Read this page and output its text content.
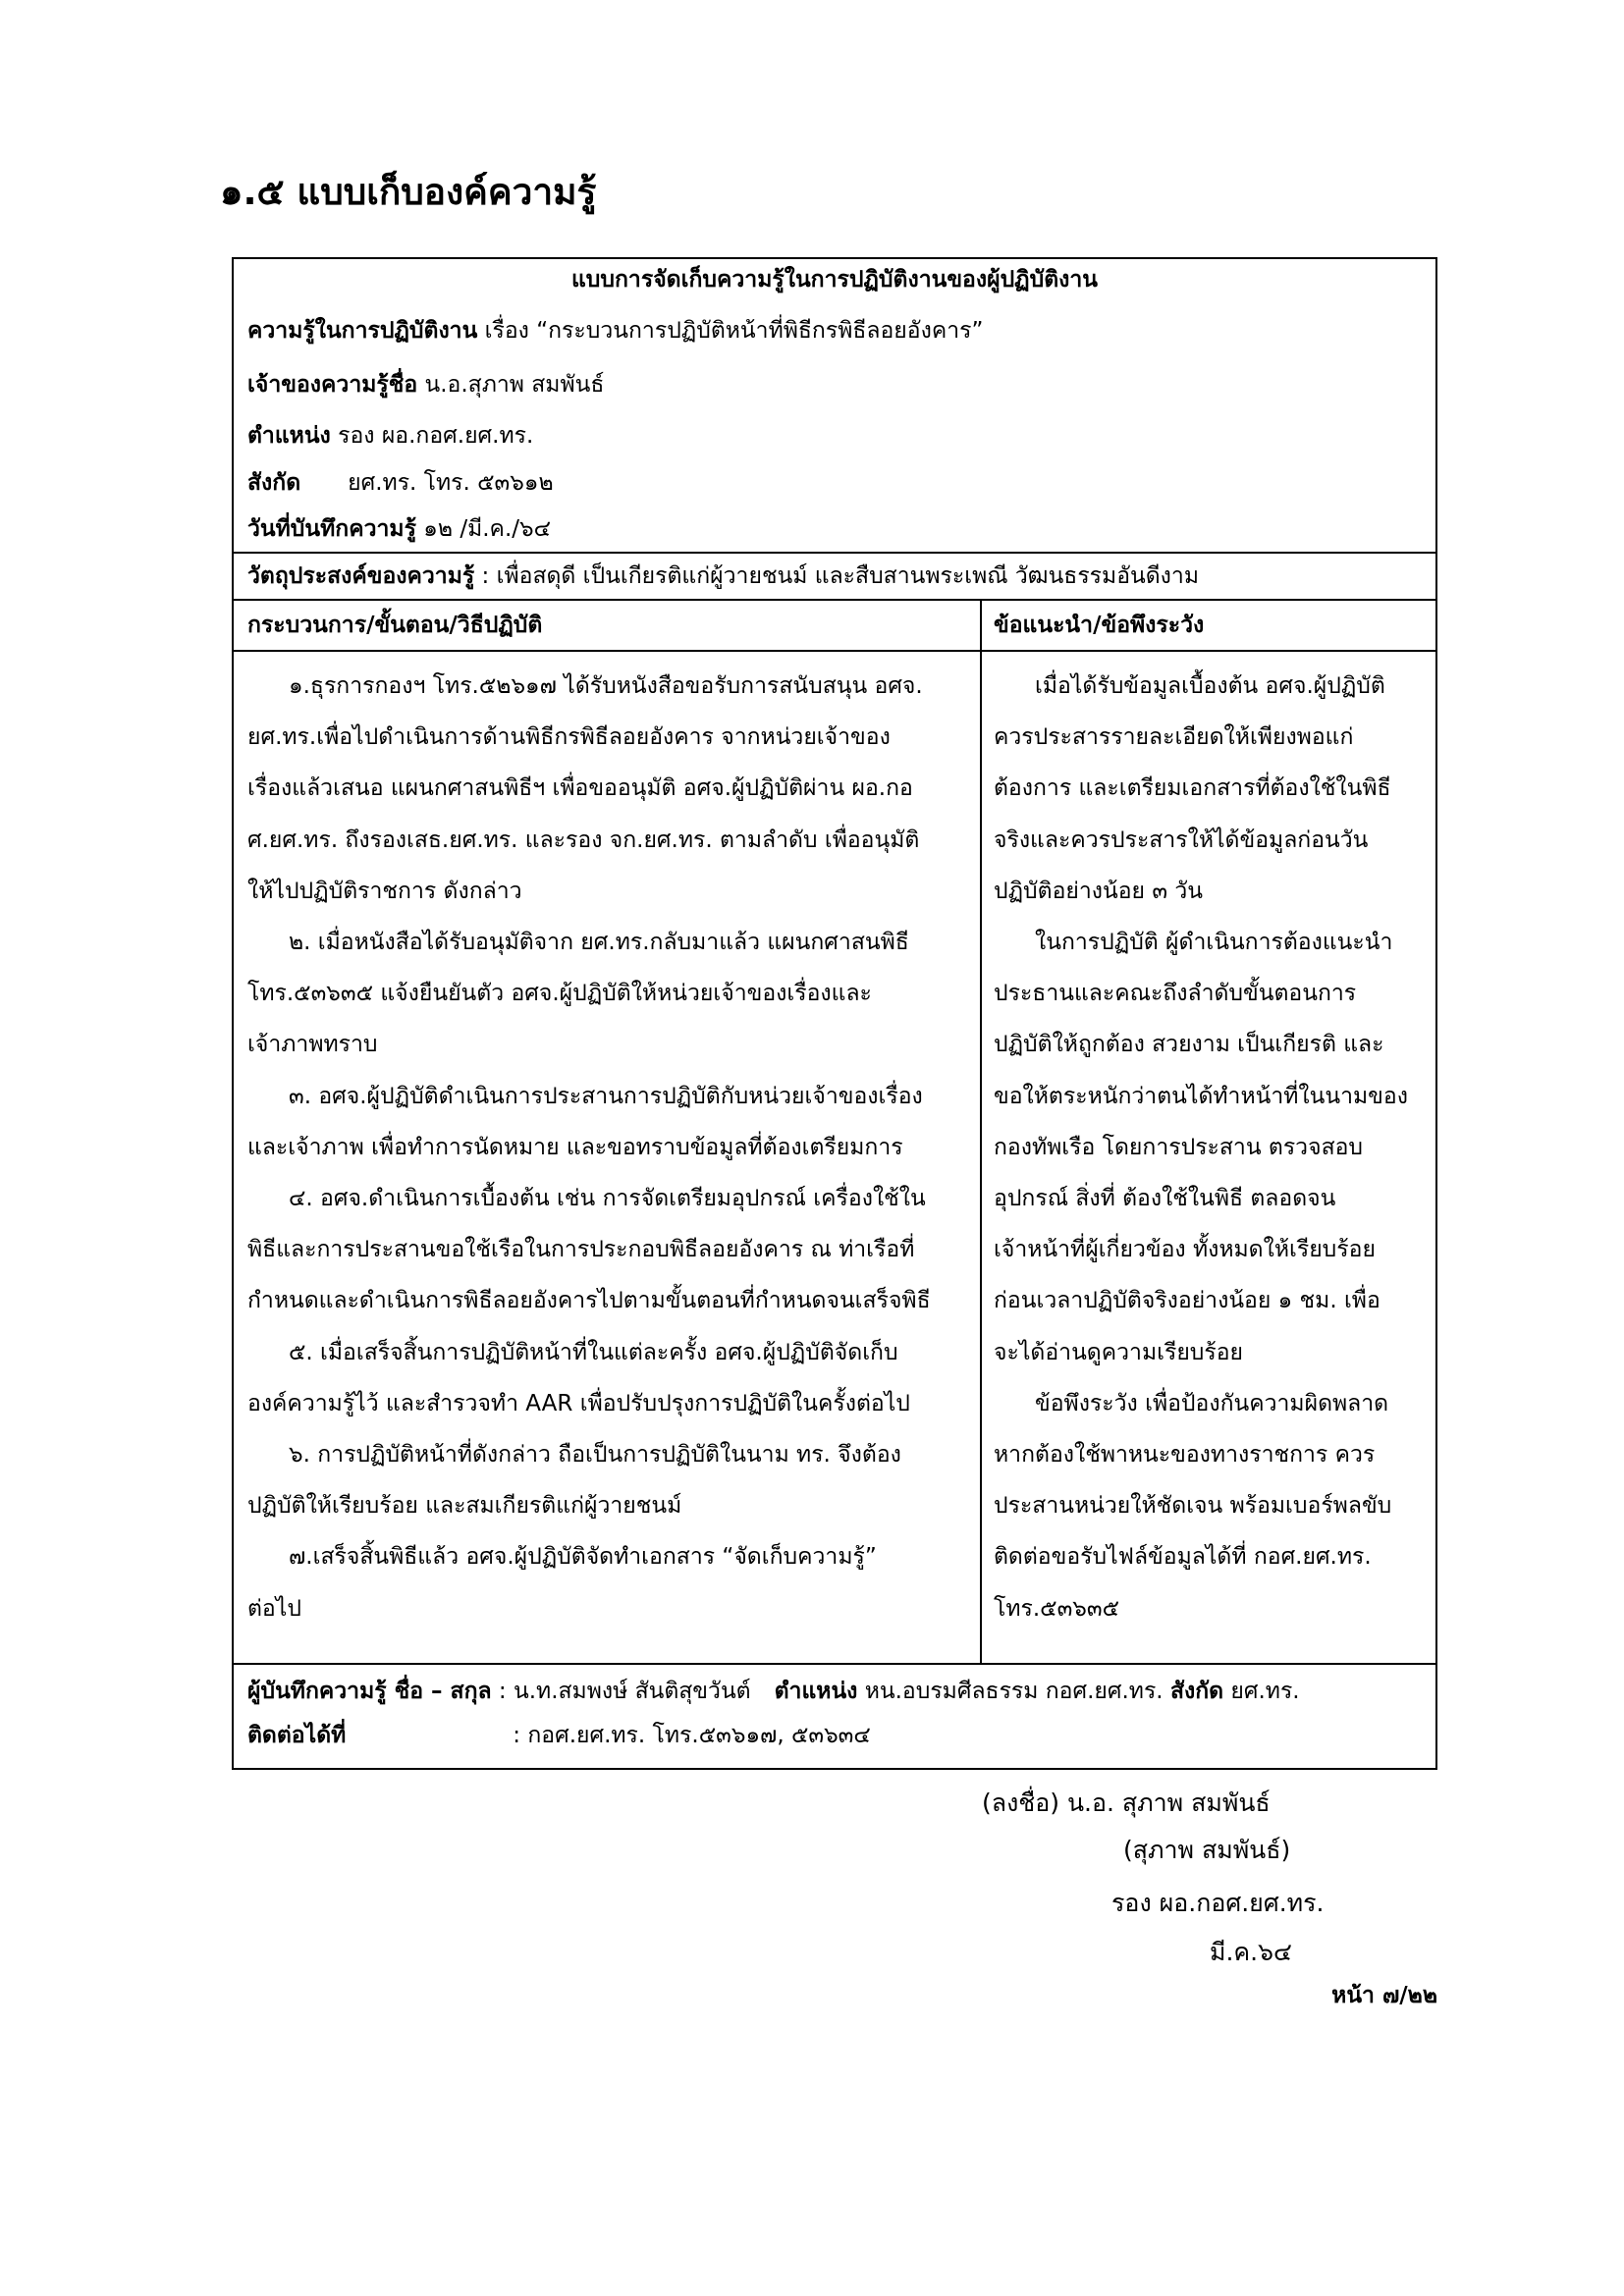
๑.๕ แบบเก็บองค์ความรู้
แบบการจัดเก็บความรู้ในการปฏิบัติงานของผู้ปฏิบัติงาน
ความรู้ในการปฏิบัติงาน เรื่อง “กระบวนการปฏิบัติหน้าที่พิธีกรพิธีลอยอังคาร”
เจ้าของความรู้ชื่อ น.อ.สุภาพ สมพันธ์
ตำแหน่ง รอง ผอ.กอศ.ยศ.ทร.
สังกัด ยศ.ทร. โทร. ๕๓๖๑๒
วันที่บันทึกความรู้ ๑๒ /มี.ค./๖๔
วัตถุประสงค์ของความรู้ : เพื่อสดุดี เป็นเกียรติแก่ผู้วายชนม์ และสืบสานพระเพณี วัฒนธรรมอันดีงาม
กระบวนการ/ขั้นตอน/วิธีปฏิบัติ	ข้อแนะนำ/ข้อพึงระวัง
๑.ธุรการกองฯ โทร.๕๒๖๑๗ ได้รับหนังสือขอรับการสนับสนุน อศจ.
ยศ.ทร.เพื่อไปดำเนินการด้านพิธีกรพิธีลอยอังคาร จากหน่วยเจ้าของ
เรื่องแล้วเสนอ แผนกศาสนพิธีฯ เพื่อขออนุมัติ อศจ.ผู้ปฏิบัติผ่าน ผอ.กอ
ศ.ยศ.ทร. ถึงรองเสธ.ยศ.ทร. และรอง จก.ยศ.ทร. ตามลำดับ เพื่ออนุมัติ
ให้ไปปฏิบัติราชการ ดังกล่าว
๒. เมื่อหนังสือได้รับอนุมัติจาก ยศ.ทร.กลับมาแล้ว แผนกศาสนพิธี
โทร.๕๓๖๓๕ แจ้งยืนยันตัว อศจ.ผู้ปฏิบัติให้หน่วยเจ้าของเรื่องและ
เจ้าภาพทราบ
๓. อศจ.ผู้ปฏิบัติดำเนินการประสานการปฏิบัติกับหน่วยเจ้าของเรื่อง
และเจ้าภาพ เพื่อทำการนัดหมาย และขอทราบข้อมูลที่ต้องเตรียมการ
๔. อศจ.ดำเนินการเบื้องต้น เช่น การจัดเตรียมอุปกรณ์ เครื่องใช้ใน
พิธีและการประสานขอใช้เรือในการประกอบพิธีลอยอังคาร ณ ท่าเรือที่
กำหนดและดำเนินการพิธีลอยอังคารไปตามขั้นตอนที่กำหนดจนเสร็จพิธี
๕. เมื่อเสร็จสิ้นการปฏิบัติหน้าที่ในแต่ละครั้ง อศจ.ผู้ปฏิบัติจัดเก็บ
องค์ความรู้ไว้ และสำรวจทำ AAR เพื่อปรับปรุงการปฏิบัติในครั้งต่อไป
๖. การปฏิบัติหน้าที่ดังกล่าว ถือเป็นการปฏิบัติในนาม ทร. จึงต้อง
ปฏิบัติให้เรียบร้อย และสมเกียรติแก่ผู้วายชนม์
๗.เสร็จสิ้นพิธีแล้ว อศจ.ผู้ปฏิบัติจัดทำเอกสาร “จัดเก็บความรู้”
ต่อไป
เมื่อได้รับข้อมูลเบื้องต้น อศจ.ผู้ปฏิบัติ
ควรประสารรายละเอียดให้เพียงพอแก่
ต้องการ และเตรียมเอกสารที่ต้องใช้ในพิธี
จริงและควรประสารให้ได้ข้อมูลก่อนวัน
ปฏิบัติอย่างน้อย ๓ วัน
ในการปฏิบัติ ผู้ดำเนินการต้องแนะนำ
ประธานและคณะถึงลำดับขั้นตอนการ
ปฏิบัติให้ถูกต้อง สวยงาม เป็นเกียรติ และ
ขอให้ตระหนักว่าตนได้ทำหน้าที่ในนามของ
กองทัพเรือ โดยการประสาน ตรวจสอบ
อุปกรณ์ สิ่งที่ ต้องใช้ในพิธี ตลอดจน
เจ้าหน้าที่ผู้เกี่ยวข้อง ทั้งหมดให้เรียบร้อย
ก่อนเวลาปฏิบัติจริงอย่างน้อย ๑ ชม. เพื่อ
จะได้อ่านดูความเรียบร้อย
ข้อพึงระวัง เพื่อป้องกันความผิดพลาด
หากต้องใช้พาหนะของทางราชการ ควร
ประสานหน่วยให้ชัดเจน พร้อมเบอร์พลขับ
ติดต่อขอรับไฟล์ข้อมูลได้ที่ กอศ.ยศ.ทร.
โทร.๕๓๖๓๕
ผู้บันทึกความรู้ ชื่อ – สกุล : น.ท.สมพงษ์ สันติสุขวันต์ ตำแหน่ง หน.อบรมศีลธรรม กอศ.ยศ.ทร. สังกัด ยศ.ทร.
ติดต่อได้ที่	: กอศ.ยศ.ทร. โทร.๕๓๖๑๗, ๕๓๖๓๔
(ลงชื่อ) น.อ. สุภาพ สมพันธ์
(สุภาพ สมพันธ์)
รอง ผอ.กอศ.ยศ.ทร.
มี.ค.๖๔
หน้า ๗/๒๒
